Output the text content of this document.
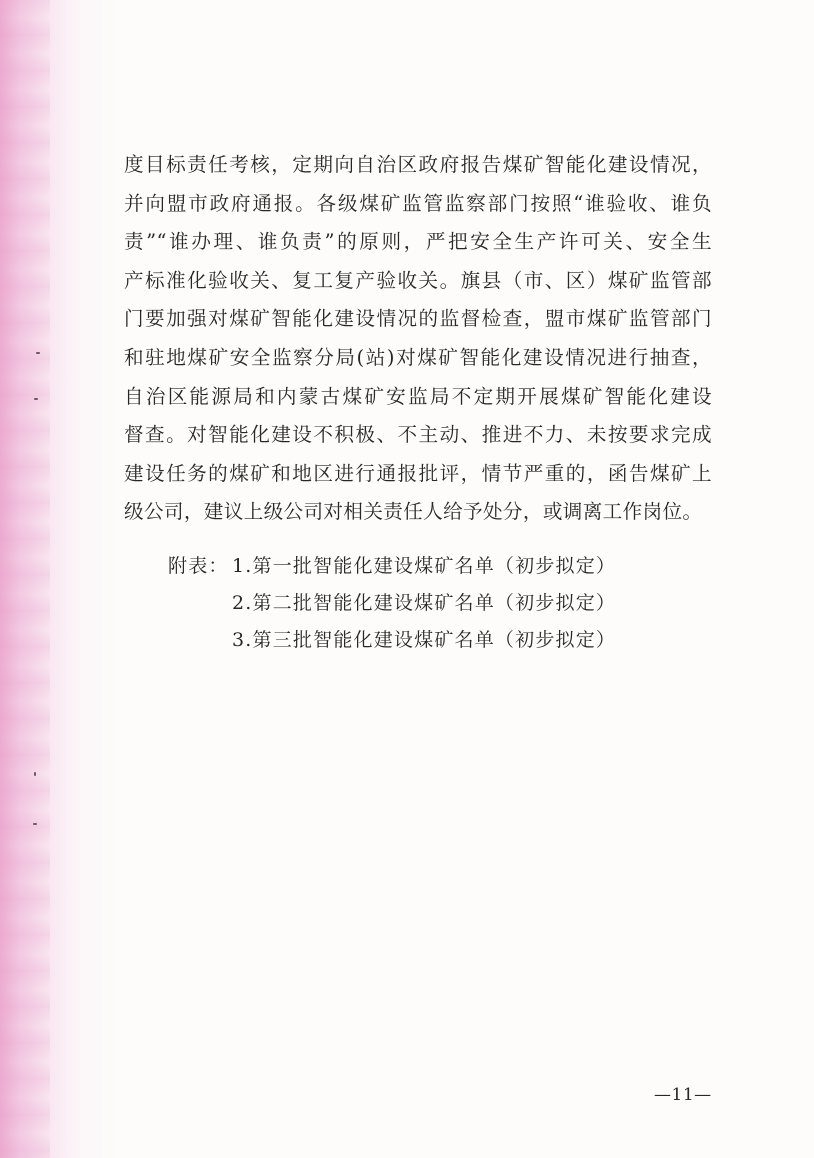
度目标责任考核，定期向自治区政府报告煤矿智能化建设情况，
并向盟市政府通报。各级煤矿监管监察部门按照“谁验收、谁负
责”“谁办理、谁负责”的原则，严把安全生产许可关、安全生
产标准化验收关、复工复产验收关。旗县（市、区）煤矿监管部
门要加强对煤矿智能化建设情况的监督检查，盟市煤矿监管部门
和驻地煤矿安全监察分局(站)对煤矿智能化建设情况进行抽查，
自治区能源局和内蒙古煤矿安监局不定期开展煤矿智能化建设
督查。对智能化建设不积极、不主动、推进不力、未按要求完成
建设任务的煤矿和地区进行通报批评，情节严重的，函告煤矿上
级公司，建议上级公司对相关责任人给予处分，或调离工作岗位。
附表： 1.第一批智能化建设煤矿名单（初步拟定）
2.第二批智能化建设煤矿名单（初步拟定）
3.第三批智能化建设煤矿名单（初步拟定）
—11—
